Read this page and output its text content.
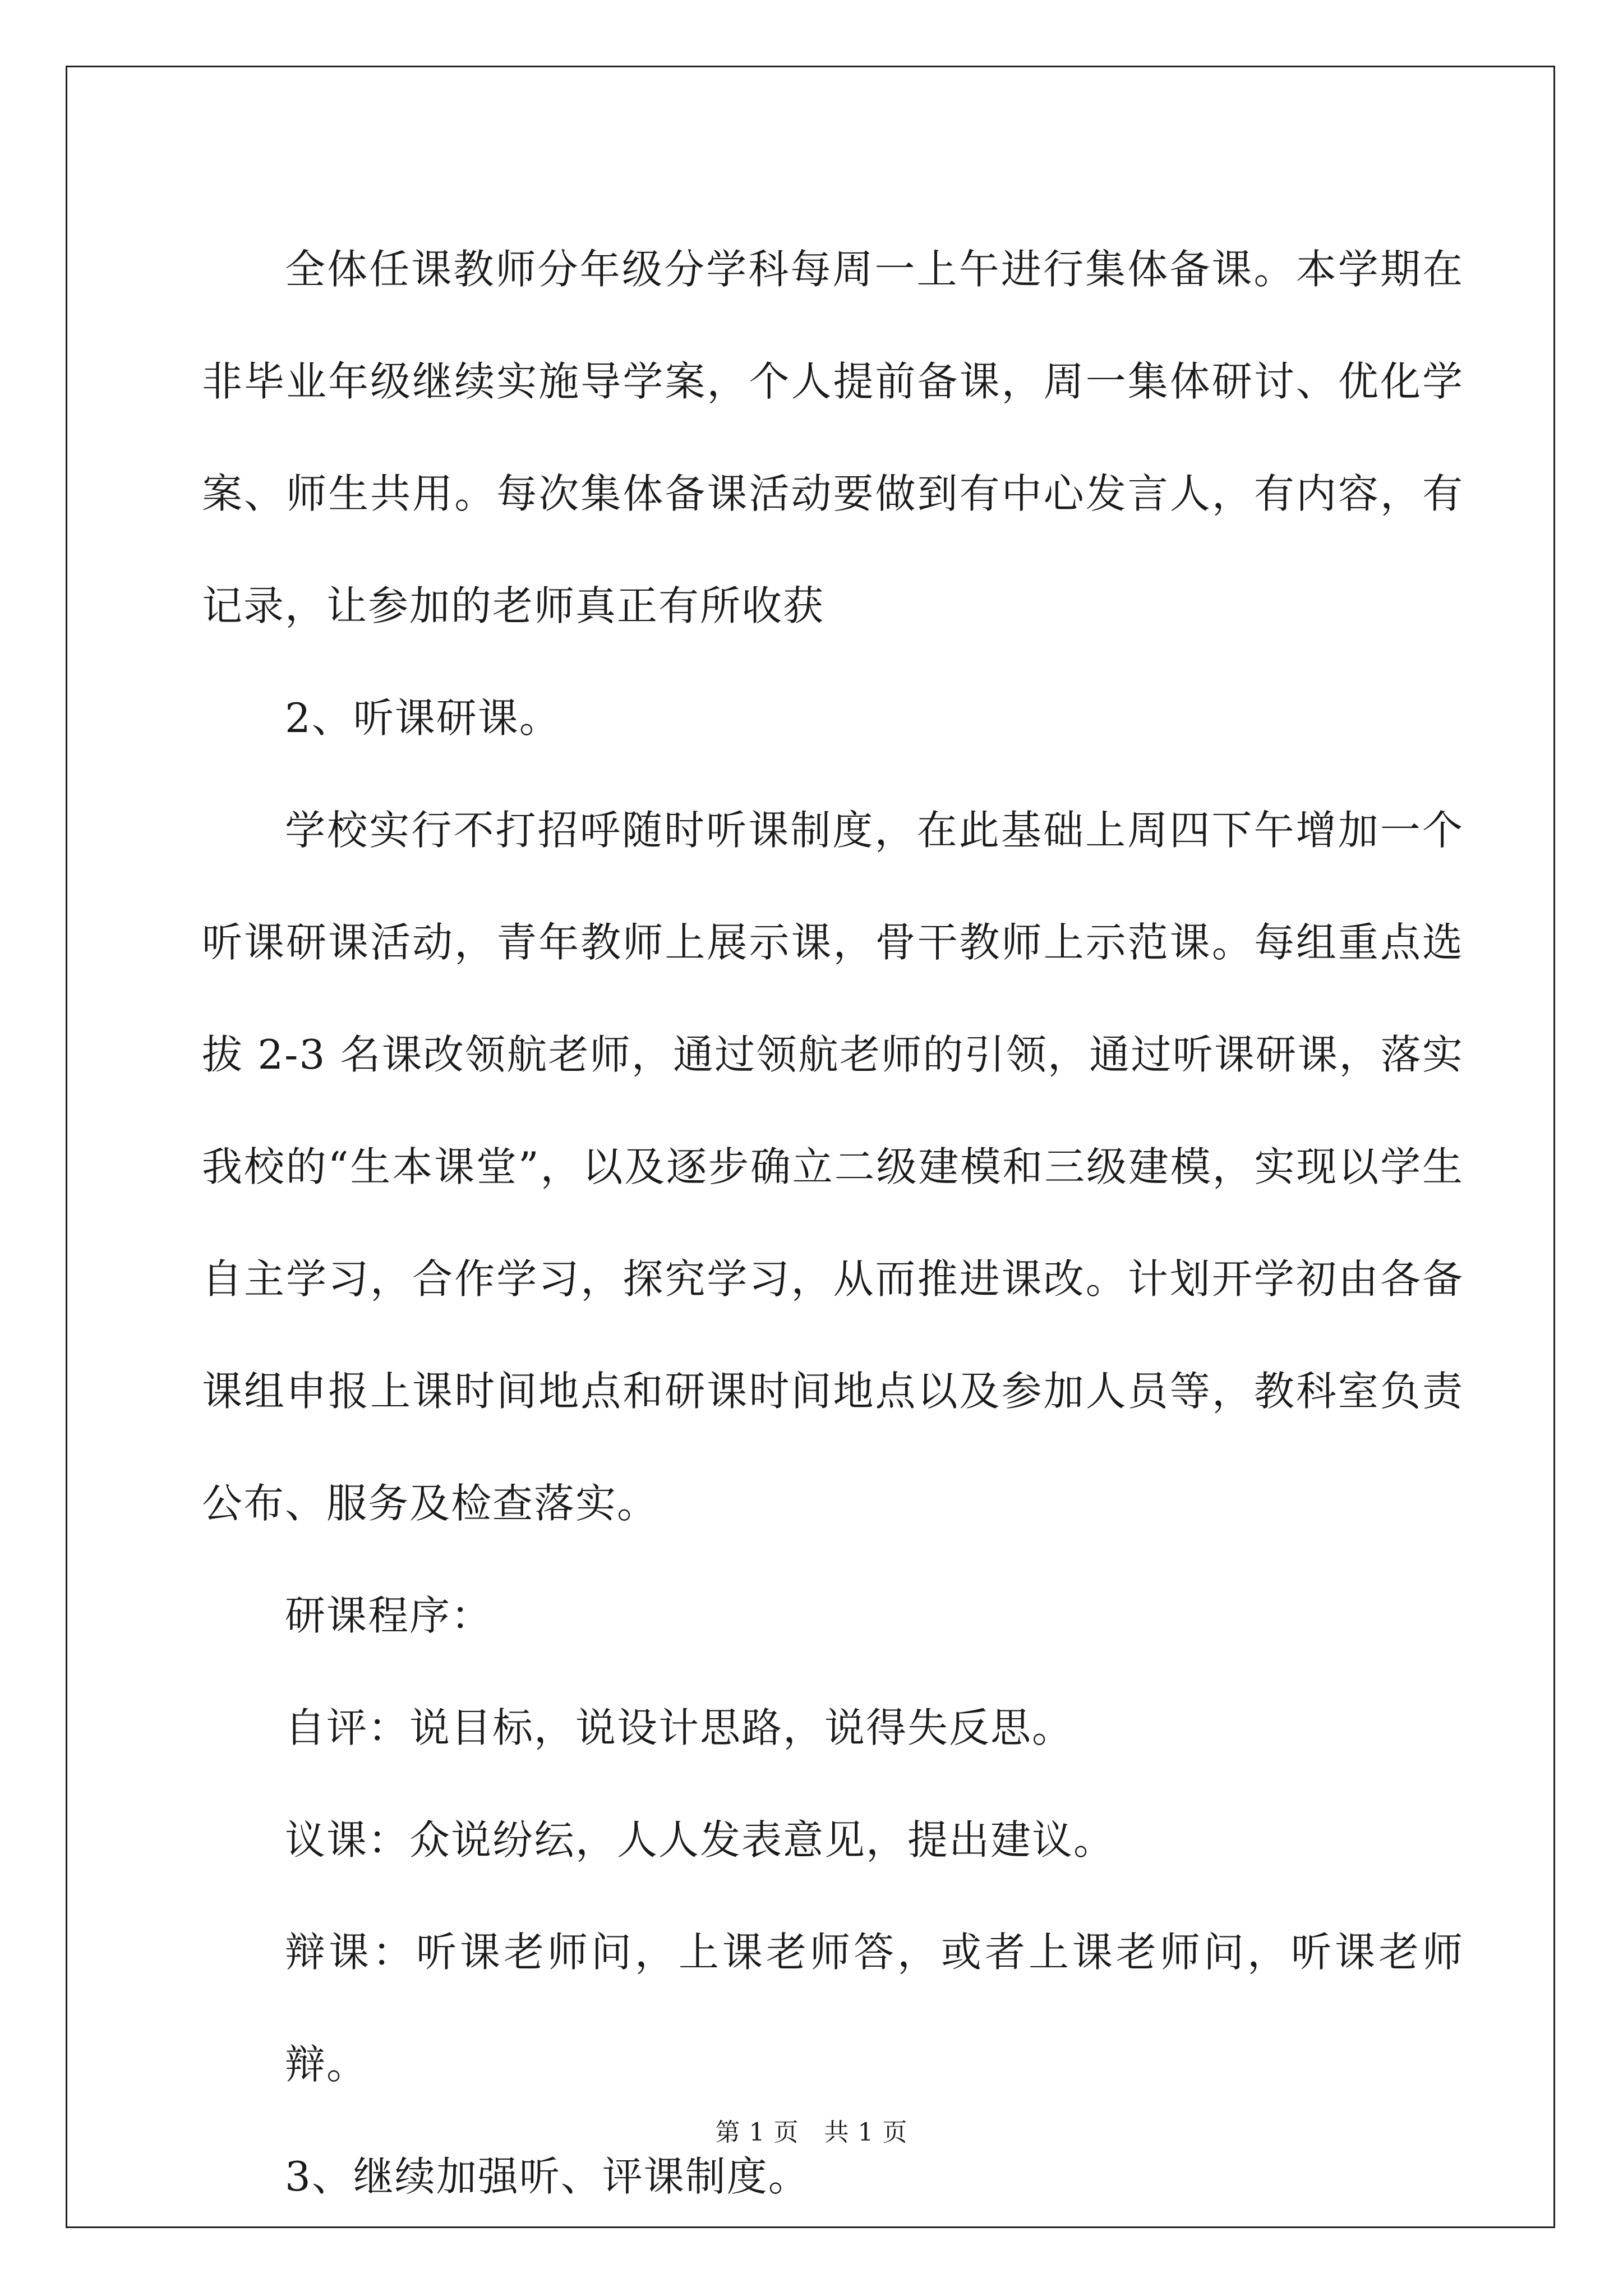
全体任课教师分年级分学科每周一上午进行集体备课。本学期在非毕业年级继续实施导学案，个人提前备课，周一集体研讨、优化学案、师生共用。每次集体备课活动要做到有中心发言人，有内容，有记录，让参加的老师真正有所收获

2、听课研课。

学校实行不打招呼随时听课制度，在此基础上周四下午增加一个听课研课活动，青年教师上展示课，骨干教师上示范课。每组重点选拔 2-3 名课改领航老师，通过领航老师的引领，通过听课研课，落实我校的“生本课堂”，以及逐步确立二级建模和三级建模，实现以学生自主学习，合作学习，探究学习，从而推进课改。计划开学初由各备课组申报上课时间地点和研课时间地点以及参加人员等，教科室负责公布、服务及检查落实。

研课程序：

自评：说目标，说设计思路，说得失反思。

议课：众说纷纭，人人发表意见，提出建议。

辩课：听课老师问，上课老师答，或者上课老师问，听课老师辩。

3、继续加强听、评课制度。

第 1 页　共 1 页
